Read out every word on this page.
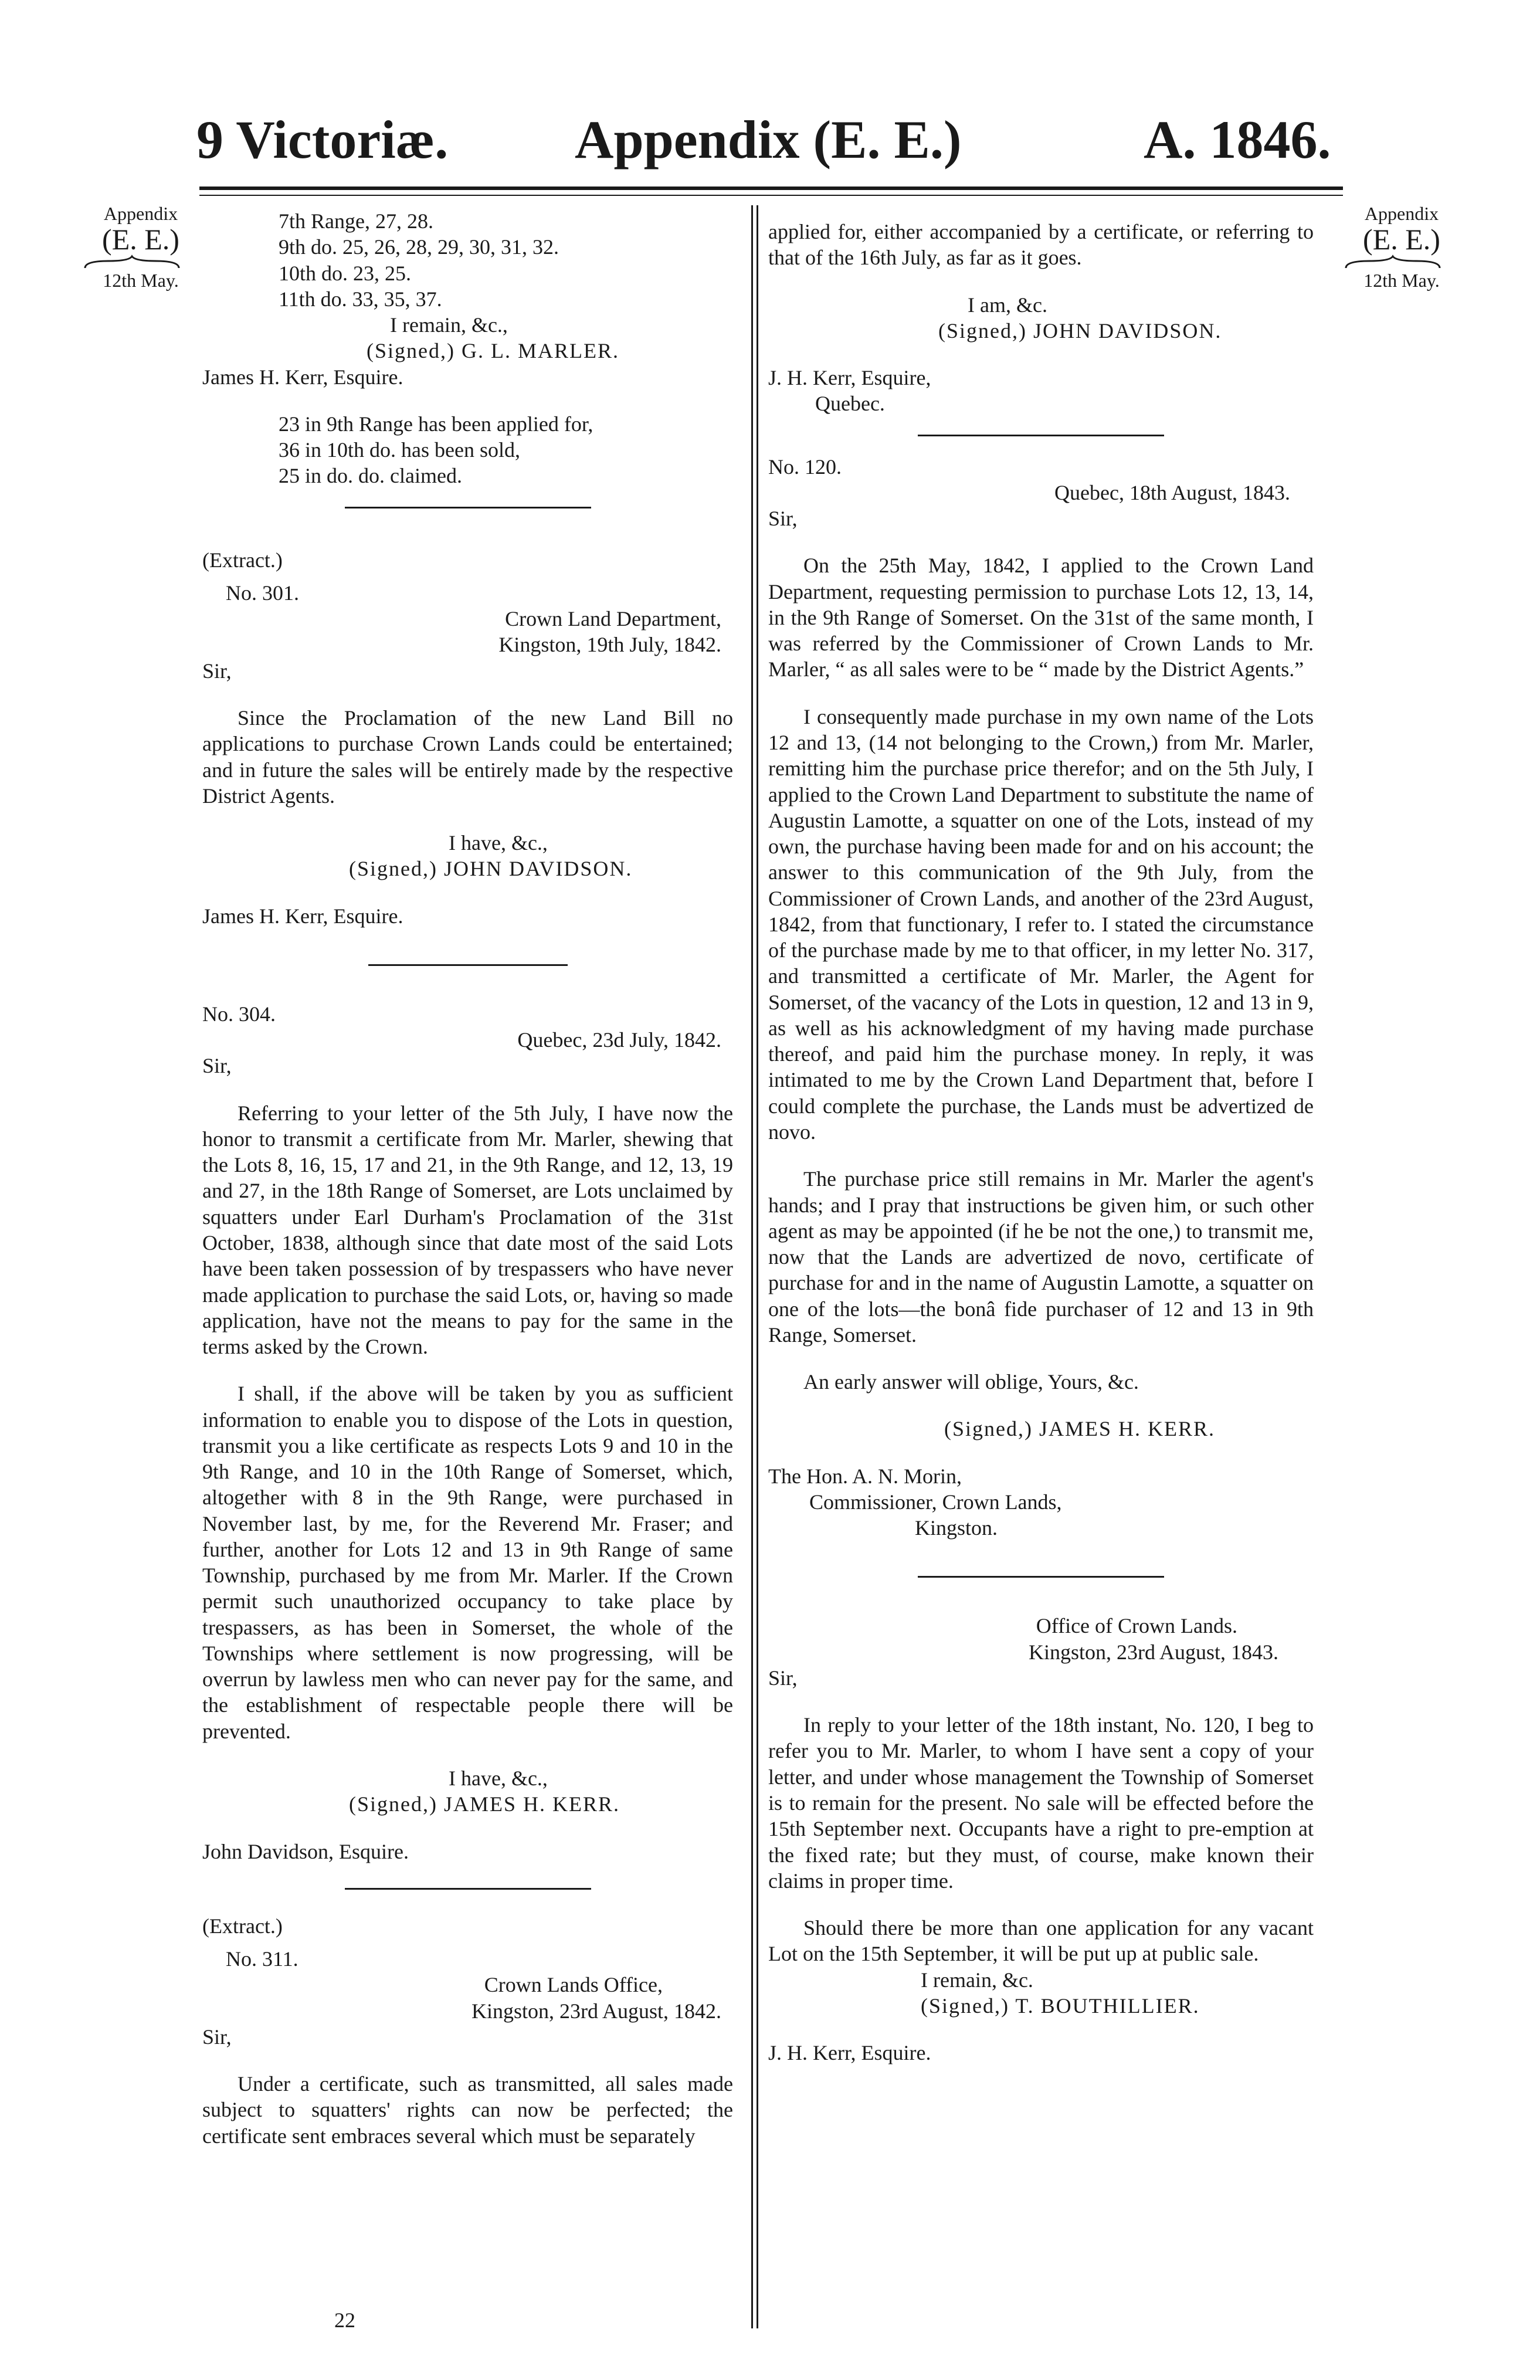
9 Victoriæ. Appendix (E. E.)	A. 1846.
Appendix
(E. E.)
12th May.
Appendix
(E. E.)
12th May.

7th Range, 27, 28.

9th do. 25, 26, 28, 29, 30, 31, 32.

10th do. 23, 25.

11th do. 33, 35, 37.

I remain, &c.,

(Signed,) G. L. MARLER.

James H. Kerr, Esquire.

23 in 9th Range has been applied for,

36 in 10th do. has been sold,

25 in do. do. claimed.

(Extract.)

No. 301.

Crown Land Department,

Kingston, 19th July, 1842.

Sir,

Since the Proclamation of the new Land Bill no applications to purchase Crown Lands could be entertained; and in future the sales will be entirely made by the respective District Agents.

I have, &c.,

(Signed,) JOHN DAVIDSON.

James H. Kerr, Esquire.

No. 304.

Quebec, 23d July, 1842.

Sir,

Referring to your letter of the 5th July, I have now the honor to transmit a certificate from Mr. Marler, shewing that the Lots 8, 16, 15, 17 and 21, in the 9th Range, and 12, 13, 19 and 27, in the 18th Range of Somerset, are Lots unclaimed by squatters under Earl Durham's Proclamation of the 31st October, 1838, although since that date most of the said Lots have been taken possession of by trespassers who have never made application to purchase the said Lots, or, having so made application, have not the means to pay for the same in the terms asked by the Crown.

I shall, if the above will be taken by you as sufficient information to enable you to dispose of the Lots in question, transmit you a like certificate as respects Lots 9 and 10 in the 9th Range, and 10 in the 10th Range of Somerset, which, altogether with 8 in the 9th Range, were purchased in November last, by me, for the Reverend Mr. Fraser; and further, another for Lots 12 and 13 in 9th Range of same Township, purchased by me from Mr. Marler. If the Crown permit such unauthorized occupancy to take place by trespassers, as has been in Somerset, the whole of the Townships where settlement is now progressing, will be overrun by lawless men who can never pay for the same, and the establishment of respectable people there will be prevented.

I have, &c.,

(Signed,) JAMES H. KERR.

John Davidson, Esquire.

(Extract.)

No. 311.

Crown Lands Office,

Kingston, 23rd August, 1842.

Sir,

Under a certificate, such as transmitted, all sales made subject to squatters' rights can now be perfected; the certificate sent embraces several which must be separately

22

applied for, either accompanied by a certificate, or referring to that of the 16th July, as far as it goes.

I am, &c.

(Signed,) JOHN DAVIDSON.

J. H. Kerr, Esquire,

Quebec.

No. 120.

Quebec, 18th August, 1843.

Sir,

On the 25th May, 1842, I applied to the Crown Land Department, requesting permission to purchase Lots 12, 13, 14, in the 9th Range of Somerset. On the 31st of the same month, I was referred by the Commissioner of Crown Lands to Mr. Marler, “ as all sales were to be “ made by the District Agents.”

I consequently made purchase in my own name of the Lots 12 and 13, (14 not belonging to the Crown,) from Mr. Marler, remitting him the purchase price therefor; and on the 5th July, I applied to the Crown Land Department to substitute the name of Augustin Lamotte, a squatter on one of the Lots, instead of my own, the purchase having been made for and on his account; the answer to this communication of the 9th July, from the Commissioner of Crown Lands, and another of the 23rd August, 1842, from that functionary, I refer to. I stated the circumstance of the purchase made by me to that officer, in my letter No. 317, and transmitted a certificate of Mr. Marler, the Agent for Somerset, of the vacancy of the Lots in question, 12 and 13 in 9, as well as his acknowledgment of my having made purchase thereof, and paid him the purchase money. In reply, it was intimated to me by the Crown Land Department that, before I could complete the purchase, the Lands must be advertized de novo.

The purchase price still remains in Mr. Marler the agent's hands; and I pray that instructions be given him, or such other agent as may be appointed (if he be not the one,) to transmit me, now that the Lands are advertized de novo, certificate of purchase for and in the name of Augustin Lamotte, a squatter on one of the lots—the bonâ fide purchaser of 12 and 13 in 9th Range, Somerset.

An early answer will oblige, Yours, &c.

(Signed,) JAMES H. KERR.

The Hon. A. N. Morin,

Commissioner, Crown Lands,

Kingston.

Office of Crown Lands.

Kingston, 23rd August, 1843.

Sir,

In reply to your letter of the 18th instant, No. 120, I beg to refer you to Mr. Marler, to whom I have sent a copy of your letter, and under whose management the Township of Somerset is to remain for the present. No sale will be effected before the 15th September next. Occupants have a right to pre-emption at the fixed rate; but they must, of course, make known their claims in proper time.

Should there be more than one application for any vacant Lot on the 15th September, it will be put up at public sale.

I remain, &c.

(Signed,) T. BOUTHILLIER.

J. H. Kerr, Esquire.
